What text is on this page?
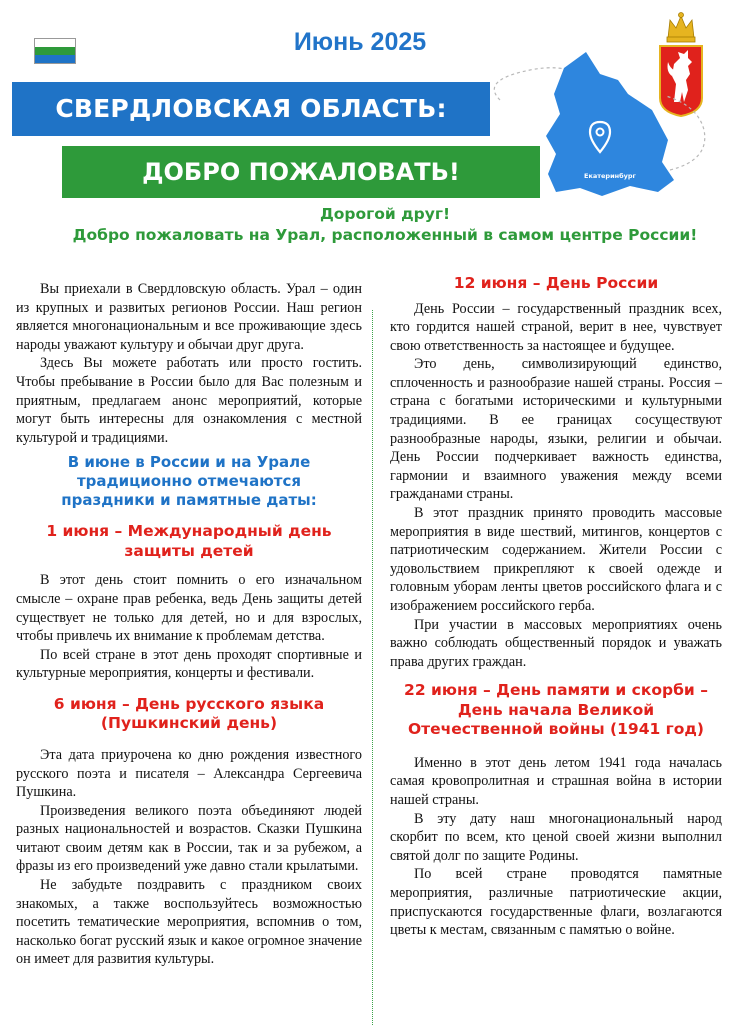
Июнь 2025
Екатеринбург
СВЕРДЛОВСКАЯ ОБЛАСТЬ:
ДОБРО ПОЖАЛОВАТЬ!
Дорогой друг!
Добро пожаловать на Урал, расположенный в самом центре России!

Вы приехали в Свердловскую область. Урал – один из крупных и развитых регионов России. Наш регион является многонациональным и все проживающие здесь народы уважают культуру и обычаи друг друга.

Здесь Вы можете работать или просто гостить. Чтобы пребывание в России было для Вас полезным и приятным, предлагаем анонс мероприятий, которые могут быть интересны для ознакомления с местной культурой и традициями.

В июне в России и на Урале традиционно отмечаются праздники и памятные даты:
1 июня – Международный день защиты детей

В этот день стоит помнить о его изначальном смысле – охране прав ребенка, ведь День защиты детей существует не только для детей, но и для взрослых, чтобы привлечь их внимание к проблемам детства.

По всей стране в этот день проходят спортивные и культурные мероприятия, концерты и фестивали.

6 июня – День русского языка (Пушкинский день)

Эта дата приурочена ко дню рождения известного русского поэта и писателя – Александра Сергеевича Пушкина.

Произведения великого поэта объединяют людей разных национальностей и возрастов. Сказки Пушкина читают своим детям как в России, так и за рубежом, а фразы из его произведений уже давно стали крылатыми.

Не забудьте поздравить с праздником своих знакомых, а также воспользуйтесь возможностью посетить тематические мероприятия, вспомнив о том, насколько богат русский язык и какое огромное значение он имеет для развития культуры.

12 июня – День России

День России – государственный праздник всех, кто гордится нашей страной, верит в нее, чувствует свою ответственность за настоящее и будущее.

Это день, символизирующий единство, сплоченность и разнообразие нашей страны. Россия – страна с богатыми историческими и культурными традициями. В ее границах сосуществуют разнообразные народы, языки, религии и обычаи. День России подчеркивает важность единства, гармонии и взаимного уважения между всеми гражданами страны.

В этот праздник принято проводить массовые мероприятия в виде шествий, митингов, концертов с патриотическим содержанием. Жители России с удовольствием прикрепляют к своей одежде и головным уборам ленты цветов российского флага и с изображением российского герба.

При участии в массовых мероприятиях очень важно соблюдать общественный порядок и уважать права других граждан.

22 июня – День памяти и скорби – День начала Великой Отечественной войны (1941 год)

Именно в этот день летом 1941 года началась самая кровопролитная и страшная война в истории нашей страны.

В эту дату наш многонациональный народ скорбит по всем, кто ценой своей жизни выполнил святой долг по защите Родины.

По всей стране проводятся памятные мероприятия, различные патриотические акции, приспускаются государственные флаги, возлагаются цветы к местам, связанным с памятью о войне.
